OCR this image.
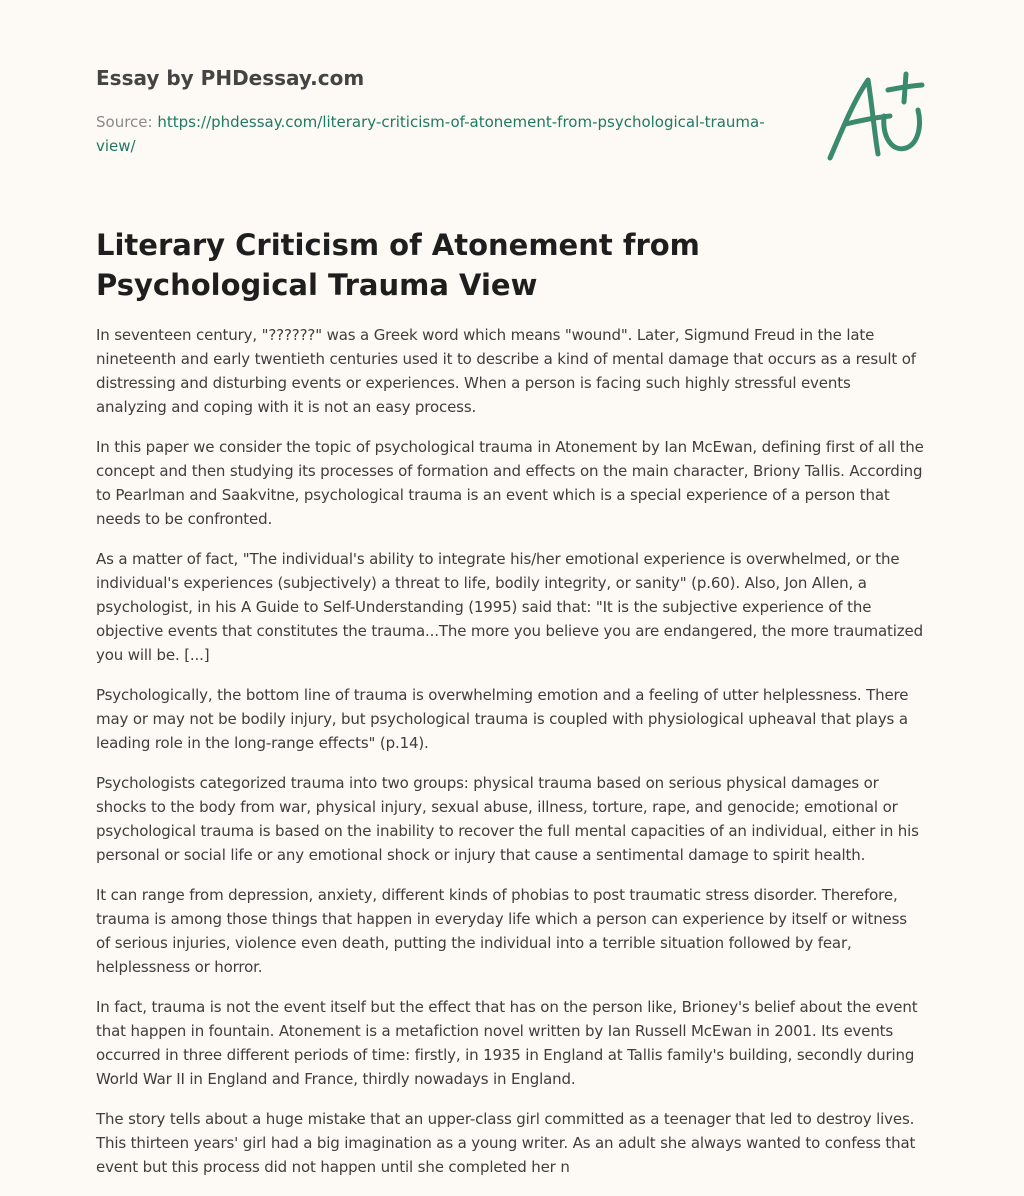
Essay by PHDessay.com
Source: https://phdessay.com/literary-criticism-of-atonement-from-psychological-trauma-view/
Literary Criticism of Atonement from Psychological Trauma View

In seventeen century, "??????" was a Greek word which means "wound". Later, Sigmund Freud in the late nineteenth and early twentieth centuries used it to describe a kind of mental damage that occurs as a result of distressing and disturbing events or experiences. When a person is facing such highly stressful events analyzing and coping with it is not an easy process.

In this paper we consider the topic of psychological trauma in Atonement by Ian McEwan, defining first of all the concept and then studying its processes of formation and effects on the main character, Briony Tallis. According to Pearlman and Saakvitne, psychological trauma is an event which is a special experience of a person that needs to be confronted.

As a matter of fact, "The individual's ability to integrate his/her emotional experience is overwhelmed, or the individual's experiences (subjectively) a threat to life, bodily integrity, or sanity" (p.60). Also, Jon Allen, a psychologist, in his A Guide to Self-Understanding (1995) said that: "It is the subjective experience of the objective events that constitutes the trauma...The more you believe you are endangered, the more traumatized you will be. [...]

Psychologically, the bottom line of trauma is overwhelming emotion and a feeling of utter helplessness. There may or may not be bodily injury, but psychological trauma is coupled with physiological upheaval that plays a leading role in the long-range effects" (p.14).

Psychologists categorized trauma into two groups: physical trauma based on serious physical damages or shocks to the body from war, physical injury, sexual abuse, illness, torture, rape, and genocide; emotional or psychological trauma is based on the inability to recover the full mental capacities of an individual, either in his personal or social life or any emotional shock or injury that cause a sentimental damage to spirit health.

It can range from depression, anxiety, different kinds of phobias to post traumatic stress disorder. Therefore, trauma is among those things that happen in everyday life which a person can experience by itself or witness of serious injuries, violence even death, putting the individual into a terrible situation followed by fear, helplessness or horror.

In fact, trauma is not the event itself but the effect that has on the person like, Brioney's belief about the event that happen in fountain. Atonement is a metafiction novel written by Ian Russell McEwan in 2001. Its events occurred in three different periods of time: firstly, in 1935 in England at Tallis family's building, secondly during World War II in England and France, thirdly nowadays in England.

The story tells about a huge mistake that an upper-class girl committed as a teenager that led to destroy lives. This thirteen years' girl had a big imagination as a young writer. As an adult she always wanted to confess that event but this process did not happen until she completed her n
